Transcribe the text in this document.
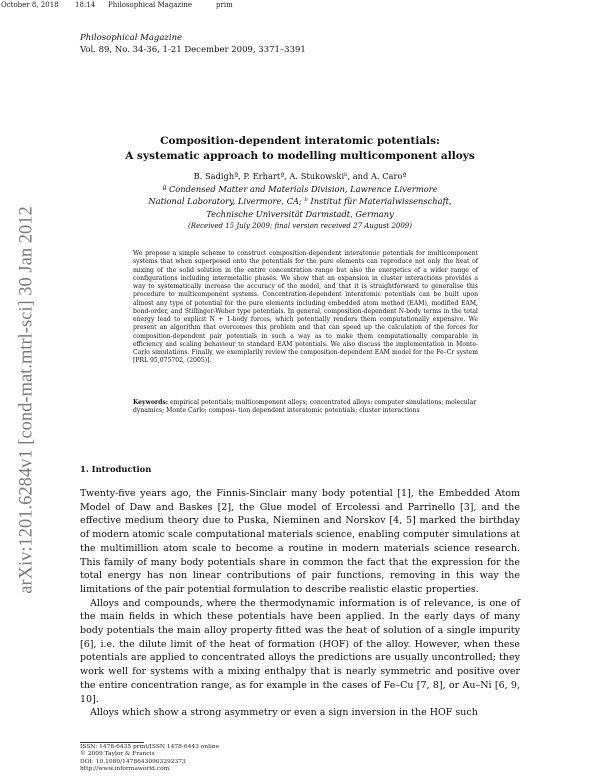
October 8, 2018 18:14 Philosophical Magazine	prim
arXiv:1201.6284v1 [cond-mat.mtrl-sci] 30 Jan 2012
Philosophical Magazine
Vol. 89, No. 34-36, 1-21 December 2009, 3371–3391
Composition-dependent interatomic potentials:
A systematic approach to modelling multicomponent alloys
B. Sadighª, P. Erhartª, A. Stukowskiᵇ, and A. Caroª
ª Condensed Matter and Materials Division, Lawrence Livermore
National Laboratory, Livermore, CA; ᵇ Institut für Materialwissenschaft,
Technische Universität Darmstadt, Germany
(Received 15 July 2009; final version received 27 August 2009)
We propose a simple scheme to construct composition-dependent interatomic potentials for multicomponent systems that when superposed onto the potentials for the pure elements can reproduce not only the heat of mixing of the solid solution in the entire concentration range but also the energetics of a wider range of configurations including intermetallic phases. We show that an expansion in cluster interactions provides a way to systematically increase the accuracy of the model, and that it is straightforward to generalise this procedure to multicomponent systems. Concentration-dependent interatomic potentials can be built upon almost any type of potential for the pure elements including embedded atom method (EAM), modified EAM, bond-order, and Stillinger-Weber type potentials. In general, composition-dependent N-body terms in the total energy lead to explicit N + 1-body forces, which potentially renders them computationally expensive. We present an algorithm that overcomes this problem and that can speed up the calculation of the forces for composition-dependent pair potentials in such a way as to make them computationally comparable in efficiency and scaling behaviour to standard EAM potentials. We also discuss the implementation in Monte-Carlo simulations. Finally, we exemplarily review the composition-dependent EAM model for the Fe–Cr system [PRL 95,075702, (2005)].
Keywords: empirical potentials; multicomponent alloys; concentrated alloys; computer simulations; molecular dynamics; Monte Carlo; composi- tion dependent interatomic potentials; cluster interactions
1. Introduction

Twenty-five years ago, the Finnis-Sinclair many body potential [1], the Embedded Atom Model of Daw and Baskes [2], the Glue model of Ercolessi and Parrinello [3], and the effective medium theory due to Puska, Nieminen and Norskov [4, 5] marked the birthday of modern atomic scale computational materials science, enabling computer simulations at the multimillion atom scale to become a routine in modern materials science research. This family of many body potentials share in common the fact that the expression for the total energy has non linear contributions of pair functions, removing in this way the limitations of the pair potential formulation to describe realistic elastic properties.

Alloys and compounds, where the thermodynamic information is of relevance, is one of the main fields in which these potentials have been applied. In the early days of many body potentials the main alloy property fitted was the heat of solution of a single impurity [6], i.e. the dilute limit of the heat of formation (HOF) of the alloy. However, when these potentials are applied to concentrated alloys the predictions are usually uncontrolled; they work well for systems with a mixing enthalpy that is nearly symmetric and positive over the entire concentration range, as for example in the cases of Fe–Cu [7, 8], or Au–Ni [6, 9, 10].

Alloys which show a strong asymmetry or even a sign inversion in the HOF such

ISSN: 1478-6435 print/ISSN 1478-6443 online
© 2009 Taylor & Francis
DOI: 10.1080/14786430903292373
http://www.informaworld.com
